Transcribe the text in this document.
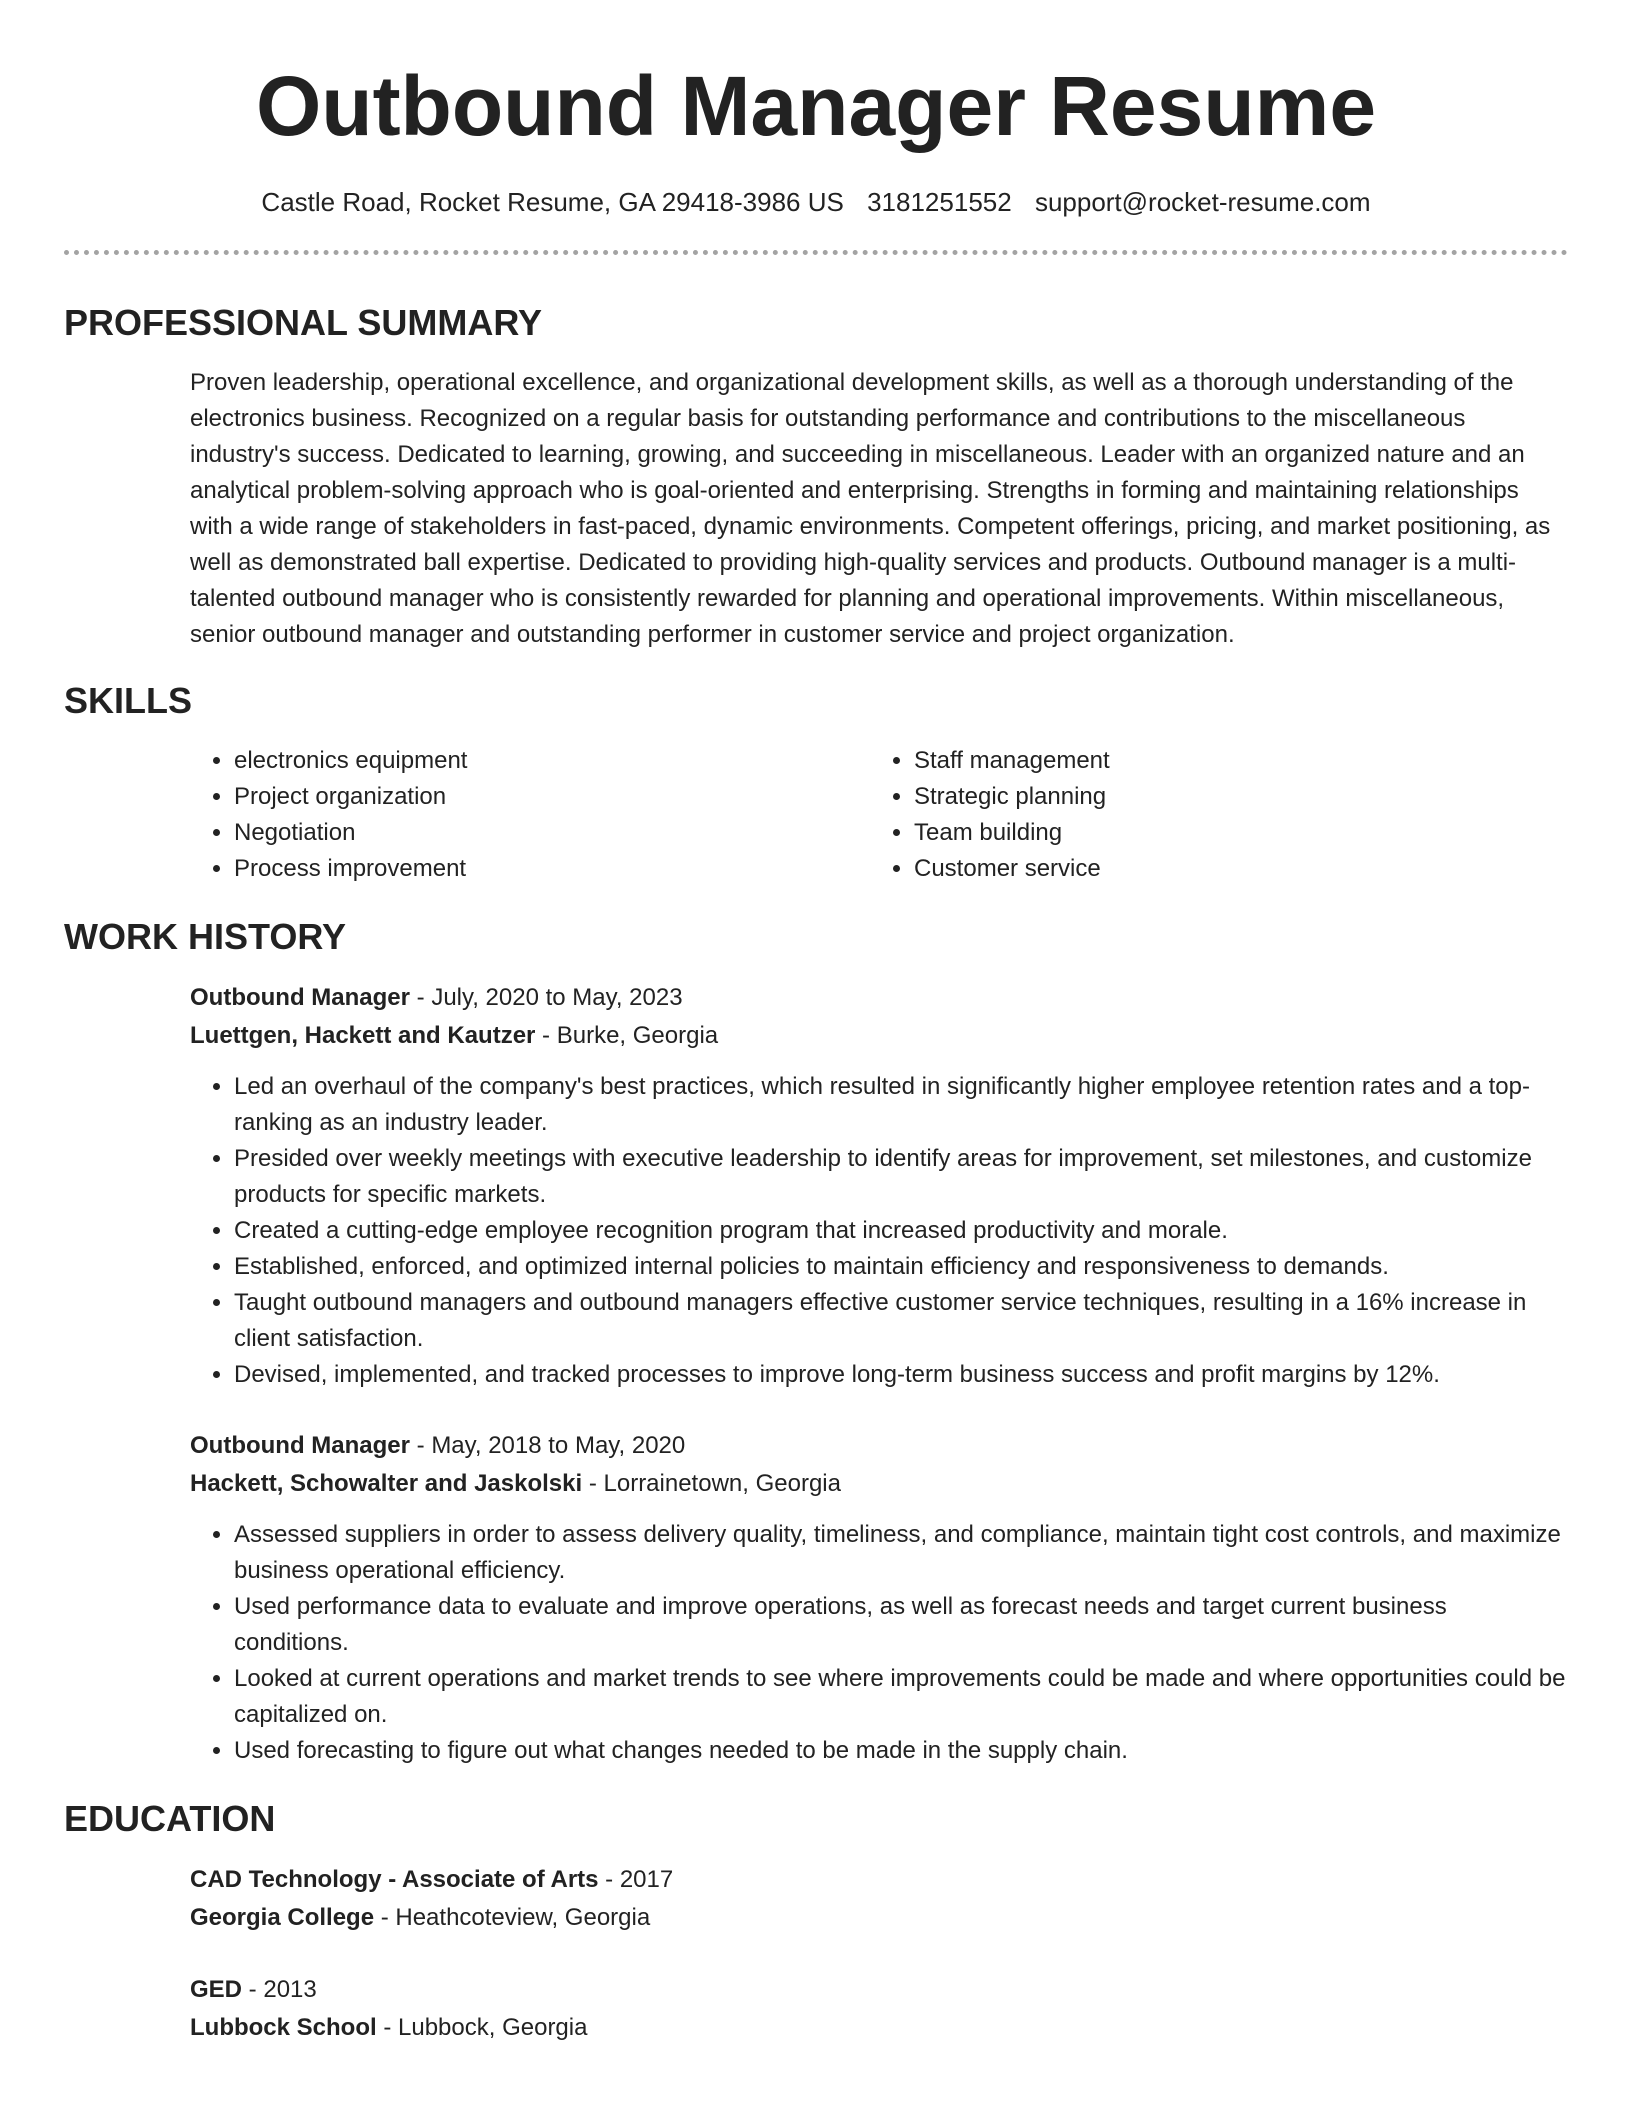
Outbound Manager Resume
Castle Road, Rocket Resume, GA 29418-3986 US 3181251552 support@rocket-resume.com
PROFESSIONAL SUMMARY
Proven leadership, operational excellence, and organizational development skills, as well as a thorough understanding of the electronics business. Recognized on a regular basis for outstanding performance and contributions to the miscellaneous industry's success. Dedicated to learning, growing, and succeeding in miscellaneous. Leader with an organized nature and an analytical problem-solving approach who is goal-oriented and enterprising. Strengths in forming and maintaining relationships with a wide range of stakeholders in fast-paced, dynamic environments. Competent offerings, pricing, and market positioning, as well as demonstrated ball expertise. Dedicated to providing high-quality services and products. Outbound manager is a multi-talented outbound manager who is consistently rewarded for planning and operational improvements. Within miscellaneous, senior outbound manager and outstanding performer in customer service and project organization.
SKILLS
• electronics equipment
• Project organization
• Negotiation
• Process improvement
• Staff management
• Strategic planning
• Team building
• Customer service
WORK HISTORY
Outbound Manager - July, 2020 to May, 2023
Luettgen, Hackett and Kautzer - Burke, Georgia
• Led an overhaul of the company's best practices, which resulted in significantly higher employee retention rates and a top-ranking as an industry leader.
• Presided over weekly meetings with executive leadership to identify areas for improvement, set milestones, and customize products for specific markets.
• Created a cutting-edge employee recognition program that increased productivity and morale.
• Established, enforced, and optimized internal policies to maintain efficiency and responsiveness to demands.
• Taught outbound managers and outbound managers effective customer service techniques, resulting in a 16% increase in client satisfaction.
• Devised, implemented, and tracked processes to improve long-term business success and profit margins by 12%.
Outbound Manager - May, 2018 to May, 2020
Hackett, Schowalter and Jaskolski - Lorrainetown, Georgia
• Assessed suppliers in order to assess delivery quality, timeliness, and compliance, maintain tight cost controls, and maximize business operational efficiency.
• Used performance data to evaluate and improve operations, as well as forecast needs and target current business conditions.
• Looked at current operations and market trends to see where improvements could be made and where opportunities could be capitalized on.
• Used forecasting to figure out what changes needed to be made in the supply chain.
EDUCATION
CAD Technology - Associate of Arts - 2017
Georgia College - Heathcoteview, Georgia
GED - 2013
Lubbock School - Lubbock, Georgia
